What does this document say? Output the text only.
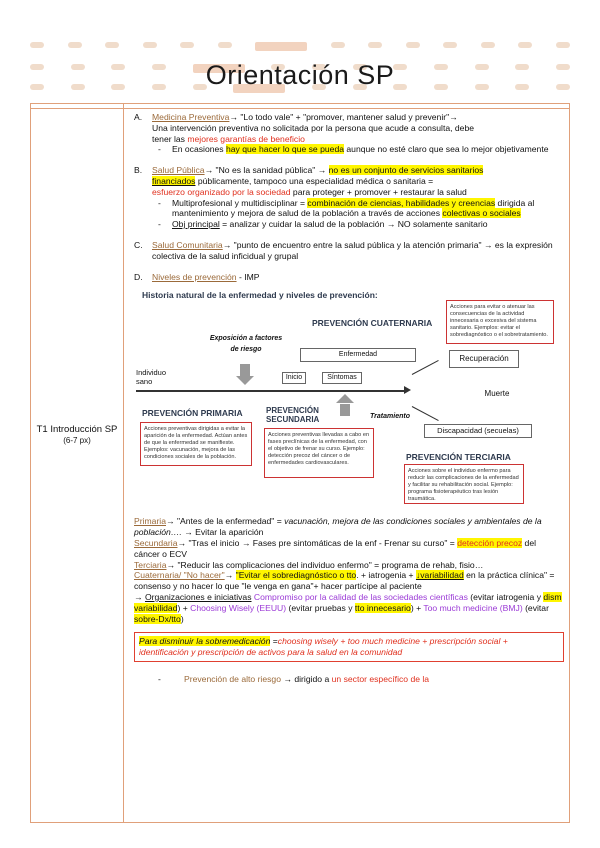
Orientación SP
T1 Introducción SP
(6-7 px)
A. Medicina Preventiva→ "Lo todo vale" + "promover, mantener salud y prevenir"→
Una intervención preventiva no solicitada por la persona que acude a consulta, debe
tener las mejores garantías de beneficio
- En ocasiones hay que hacer lo que se pueda aunque no esté claro que sea lo mejor objetivamente
B. Salud Pública→ "No es la sanidad pública" → no es un conjunto de servicios sanitarios
financiados públicamente, tampoco una especialidad médica o sanitaria =
esfuerzo organizado por la sociedad para proteger + promover + restaurar la salud
- Multiprofesional y multidisciplinar = combinación de ciencias, habilidades y creencias dirigida al mantenimiento y mejora de salud de la población a través de acciones colectivas o sociales
- Obj principal = analizar y cuidar la salud de la población → NO solamente sanitario
C. Salud Comunitaria→ "punto de encuentro entre la salud pública y la atención primaria" → es la expresión colectiva de la salud inficidual y grupal
D. Niveles de prevención - IMP
Historia natural de la enfermedad y niveles de prevención:
Acciones para evitar o atenuar las consecuencias de la actividad innecesaria o excesiva del sistema sanitario. Ejemplos: evitar el sobrediagnóstico o el sobretratamiento.
PREVENCIÓN CUATERNARIA
Exposición a factores de riesgo
Enfermedad	Recuperación
Individuo sano	Inicio	Síntomas
Muerte
Discapacidad (secuelas)
PREVENCIÓN PRIMARIA
Acciones preventivas dirigidas a evitar la aparición de la enfermedad. Actúan antes de que la enfermedad se manifieste. Ejemplos: vacunación, mejora de las condiciones sociales de la población.
PREVENCIÓN SECUNDARIA
Acciones preventivas llevadas a cabo en fases preclínicas de la enfermedad, con el objetivo de frenar su curso. Ejemplo: detección precoz del cáncer o de enfermedades cardiovasculares.
Tratamiento
PREVENCIÓN TERCIARIA
Acciones sobre el individuo enfermo para reducir las complicaciones de la enfermedad y facilitar su rehabilitación social. Ejemplo: programa fisioterapéutico tras lesión traumática.
Primaria→ "Antes de la enfermedad" = vacunación, mejora de las condiciones sociales y ambientales de la población…. → Evitar la aparición
Secundaria→ "Tras el inicio → Fases pre sintomáticas de la enf - Frenar su curso" = detección precoz del cáncer o ECV
Terciaria→ "Reducir las complicaciones del individuo enfermo" = programa de rehab, fisio…
Cuaternaria/ "No hacer"→ "Evitar el sobrediagnóstico o tto. + iatrogenia + ↓variabilidad en la práctica clínica" = consenso y no hacer lo que "le venga en gana"+ hacer partícipe al paciente
→ Organizaciones e iniciativas Compromiso por la calidad de las sociedades científicas (evitar iatrogenia y dism variabilidad) + Choosing Wisely (EEUU) (evitar pruebas y tto innecesario) + Too much medicine (BMJ) (evitar sobre-Dx/tto)
Para disminuir la sobremedicación =choosing wisely + too much medicine + prescripción social + identificación y prescripción de activos para la salud en la comunidad
- Prevención de alto riesgo → dirigido a un sector específico de la
